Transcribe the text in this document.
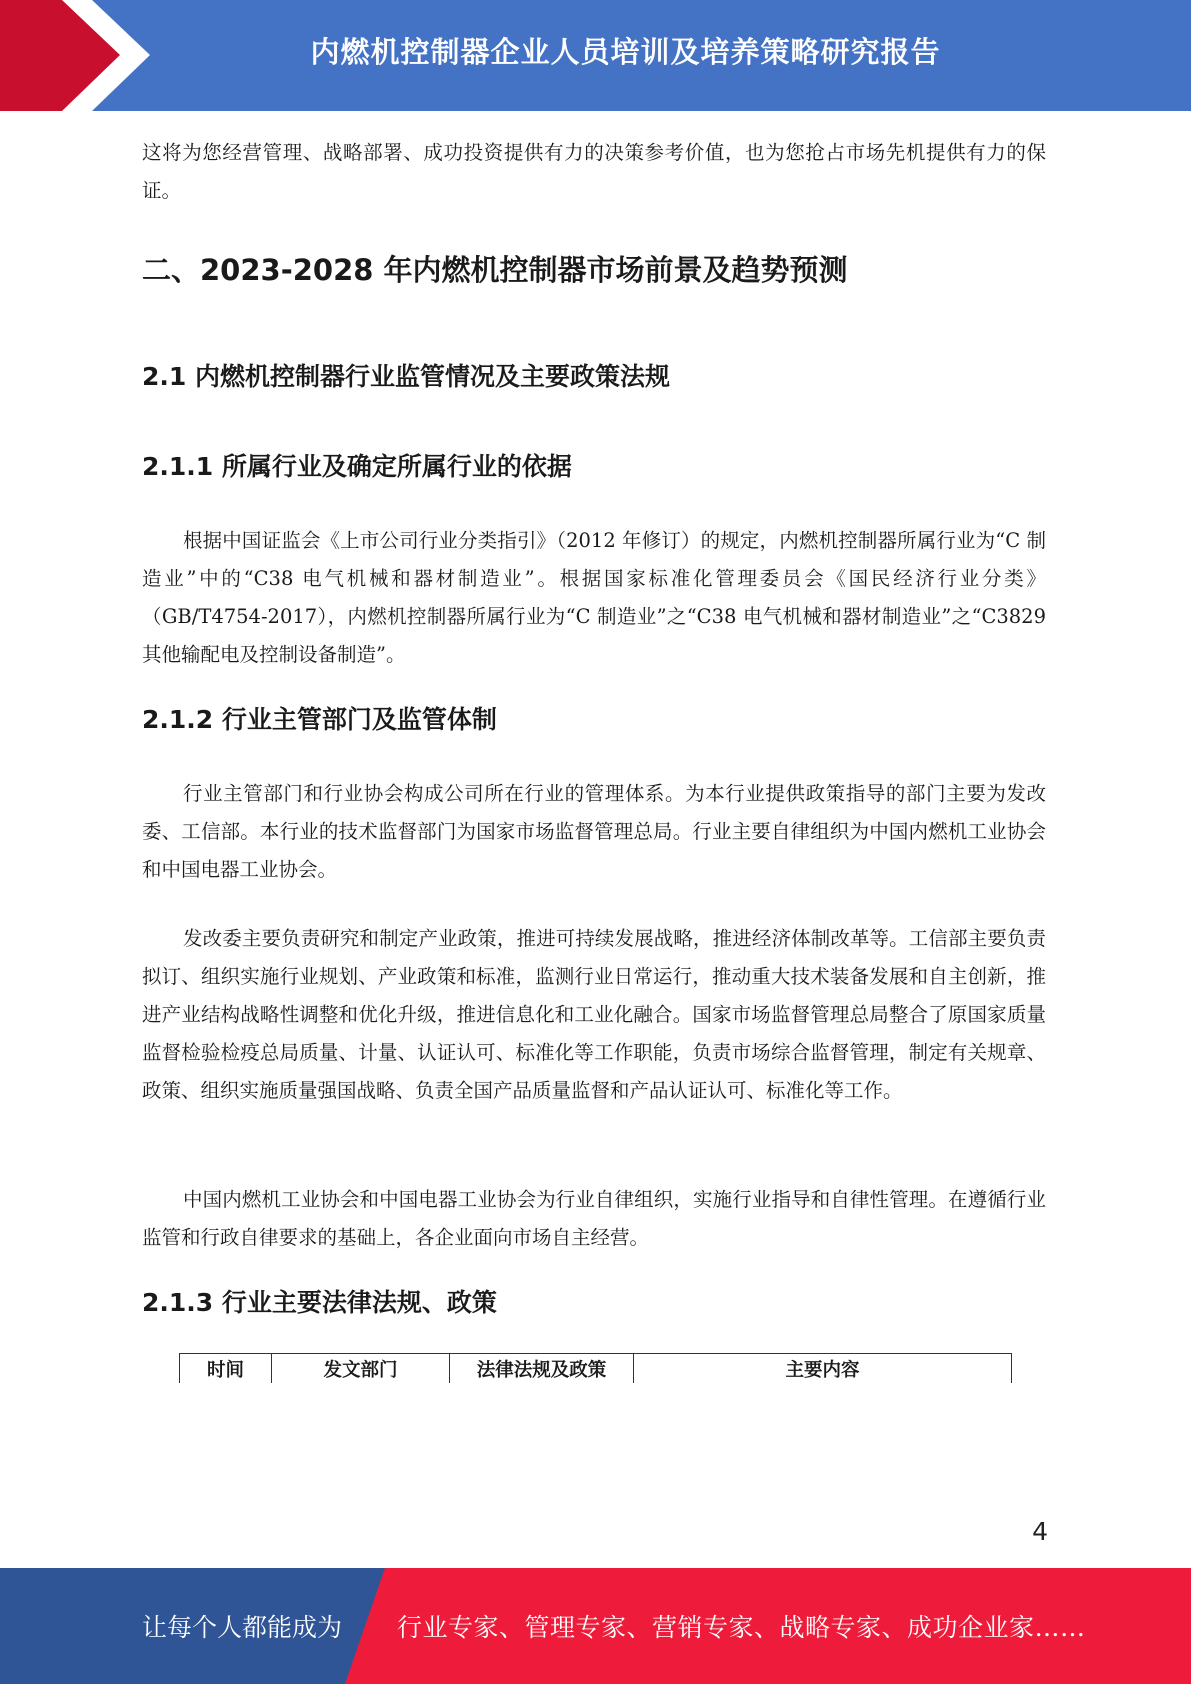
内燃机控制器企业人员培训及培养策略研究报告
这将为您经营管理、战略部署、成功投资提供有力的决策参考价值，也为您抢占市场先机提供有力的保证。
二、2023-2028 年内燃机控制器市场前景及趋势预测
2.1 内燃机控制器行业监管情况及主要政策法规
2.1.1 所属行业及确定所属行业的依据
根据中国证监会《上市公司行业分类指引》（2012 年修订）的规定，内燃机控制器所属行业为“C 制造业”中的“C38 电气机械和器材制造业”。根据国家标准化管理委员会《国民经济行业分类》（GB/T4754-2017），内燃机控制器所属行业为“C 制造业”之“C38 电气机械和器材制造业”之“C3829 其他输配电及控制设备制造”。
2.1.2 行业主管部门及监管体制
行业主管部门和行业协会构成公司所在行业的管理体系。为本行业提供政策指导的部门主要为发改委、工信部。本行业的技术监督部门为国家市场监督管理总局。行业主要自律组织为中国内燃机工业协会和中国电器工业协会。
发改委主要负责研究和制定产业政策，推进可持续发展战略，推进经济体制改革等。工信部主要负责拟订、组织实施行业规划、产业政策和标准，监测行业日常运行，推动重大技术装备发展和自主创新，推进产业结构战略性调整和优化升级，推进信息化和工业化融合。国家市场监督管理总局整合了原国家质量监督检验检疫总局质量、计量、认证认可、标准化等工作职能，负责市场综合监督管理，制定有关规章、政策、组织实施质量强国战略、负责全国产品质量监督和产品认证认可、标准化等工作。
中国内燃机工业协会和中国电器工业协会为行业自律组织，实施行业指导和自律性管理。在遵循行业监管和行政自律要求的基础上，各企业面向市场自主经营。
2.1.3 行业主要法律法规、政策
时间	发文部门	法律法规及政策	主要内容
4
让每个人都能成为 行业专家、管理专家、营销专家、战略专家、成功企业家……
